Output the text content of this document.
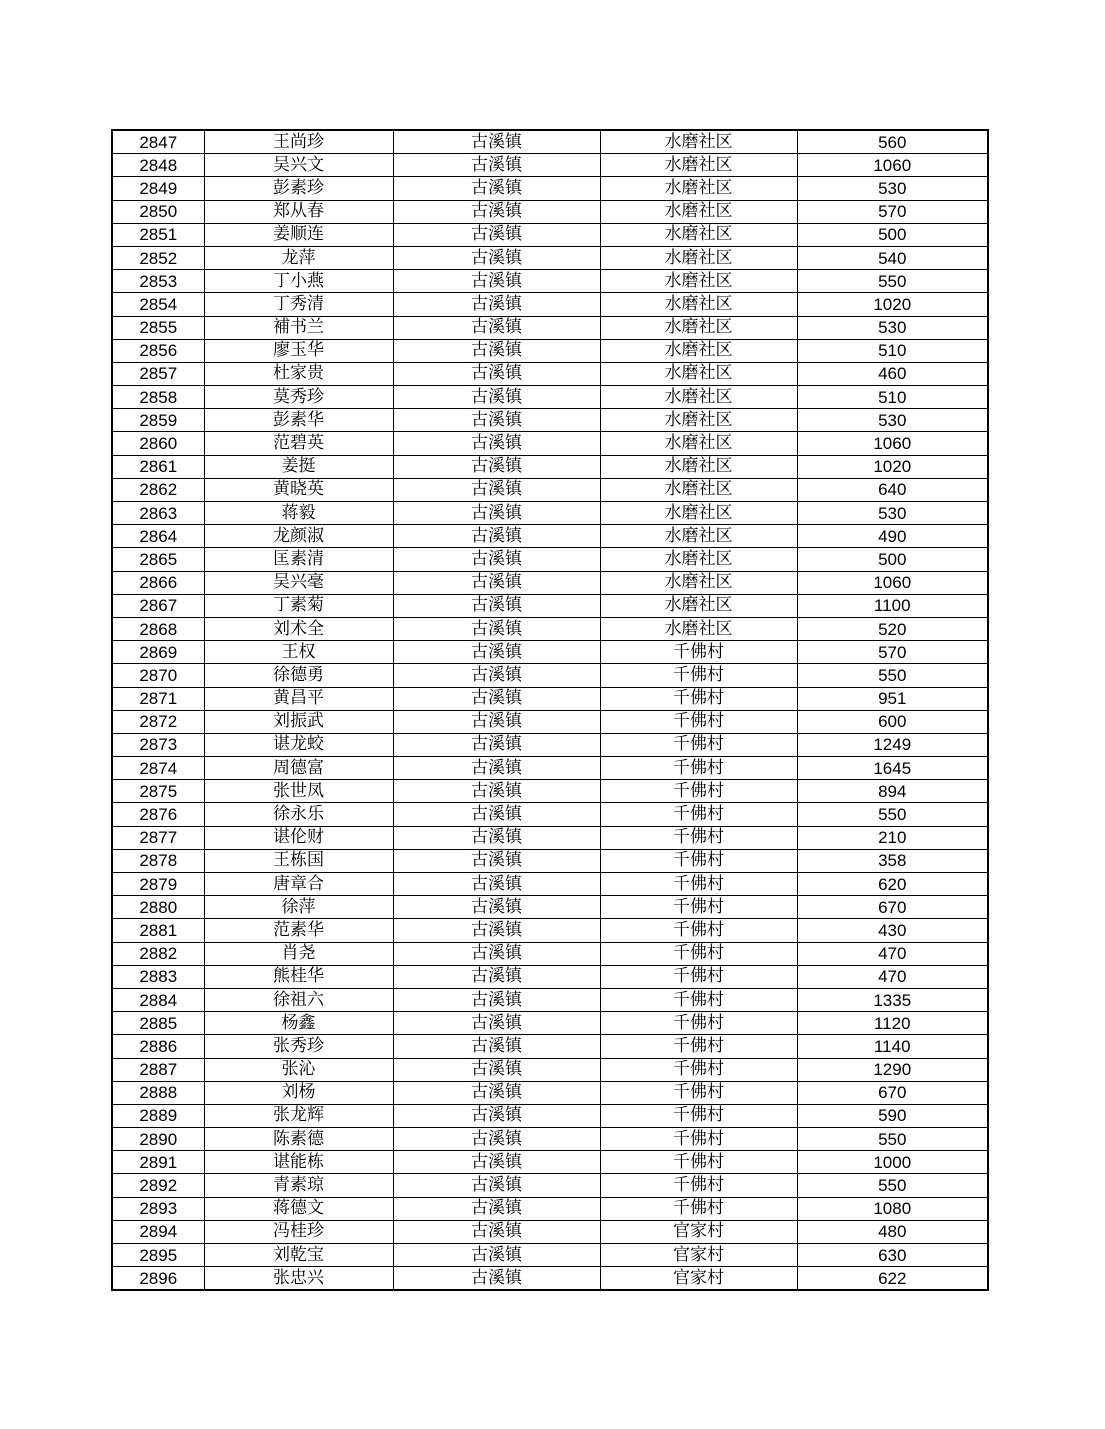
2847	王尚珍	古溪镇	水磨社区	560
2848	吴兴文	古溪镇	水磨社区	1060
2849	彭素珍	古溪镇	水磨社区	530
2850	郑从春	古溪镇	水磨社区	570
2851	姜顺连	古溪镇	水磨社区	500
2852	龙萍	古溪镇	水磨社区	540
2853	丁小燕	古溪镇	水磨社区	550
2854	丁秀清	古溪镇	水磨社区	1020
2855	補书兰	古溪镇	水磨社区	530
2856	廖玉华	古溪镇	水磨社区	510
2857	杜家贵	古溪镇	水磨社区	460
2858	莫秀珍	古溪镇	水磨社区	510
2859	彭素华	古溪镇	水磨社区	530
2860	范碧英	古溪镇	水磨社区	1060
2861	姜挺	古溪镇	水磨社区	1020
2862	黄晓英	古溪镇	水磨社区	640
2863	蒋毅	古溪镇	水磨社区	530
2864	龙颜淑	古溪镇	水磨社区	490
2865	匡素清	古溪镇	水磨社区	500
2866	吴兴毫	古溪镇	水磨社区	1060
2867	丁素菊	古溪镇	水磨社区	1100
2868	刘术全	古溪镇	水磨社区	520
2869	王权	古溪镇	千佛村	570
2870	徐德勇	古溪镇	千佛村	550
2871	黄昌平	古溪镇	千佛村	951
2872	刘振武	古溪镇	千佛村	600
2873	谌龙蛟	古溪镇	千佛村	1249
2874	周德富	古溪镇	千佛村	1645
2875	张世凤	古溪镇	千佛村	894
2876	徐永乐	古溪镇	千佛村	550
2877	谌伦财	古溪镇	千佛村	210
2878	王栋国	古溪镇	千佛村	358
2879	唐章合	古溪镇	千佛村	620
2880	徐萍	古溪镇	千佛村	670
2881	范素华	古溪镇	千佛村	430
2882	肖尧	古溪镇	千佛村	470
2883	熊桂华	古溪镇	千佛村	470
2884	徐祖六	古溪镇	千佛村	1335
2885	杨鑫	古溪镇	千佛村	1120
2886	张秀珍	古溪镇	千佛村	1140
2887	张沁	古溪镇	千佛村	1290
2888	刘杨	古溪镇	千佛村	670
2889	张龙辉	古溪镇	千佛村	590
2890	陈素德	古溪镇	千佛村	550
2891	谌能栋	古溪镇	千佛村	1000
2892	青素琼	古溪镇	千佛村	550
2893	蒋德文	古溪镇	千佛村	1080
2894	冯桂珍	古溪镇	官家村	480
2895	刘乾宝	古溪镇	官家村	630
2896	张忠兴	古溪镇	官家村	622
